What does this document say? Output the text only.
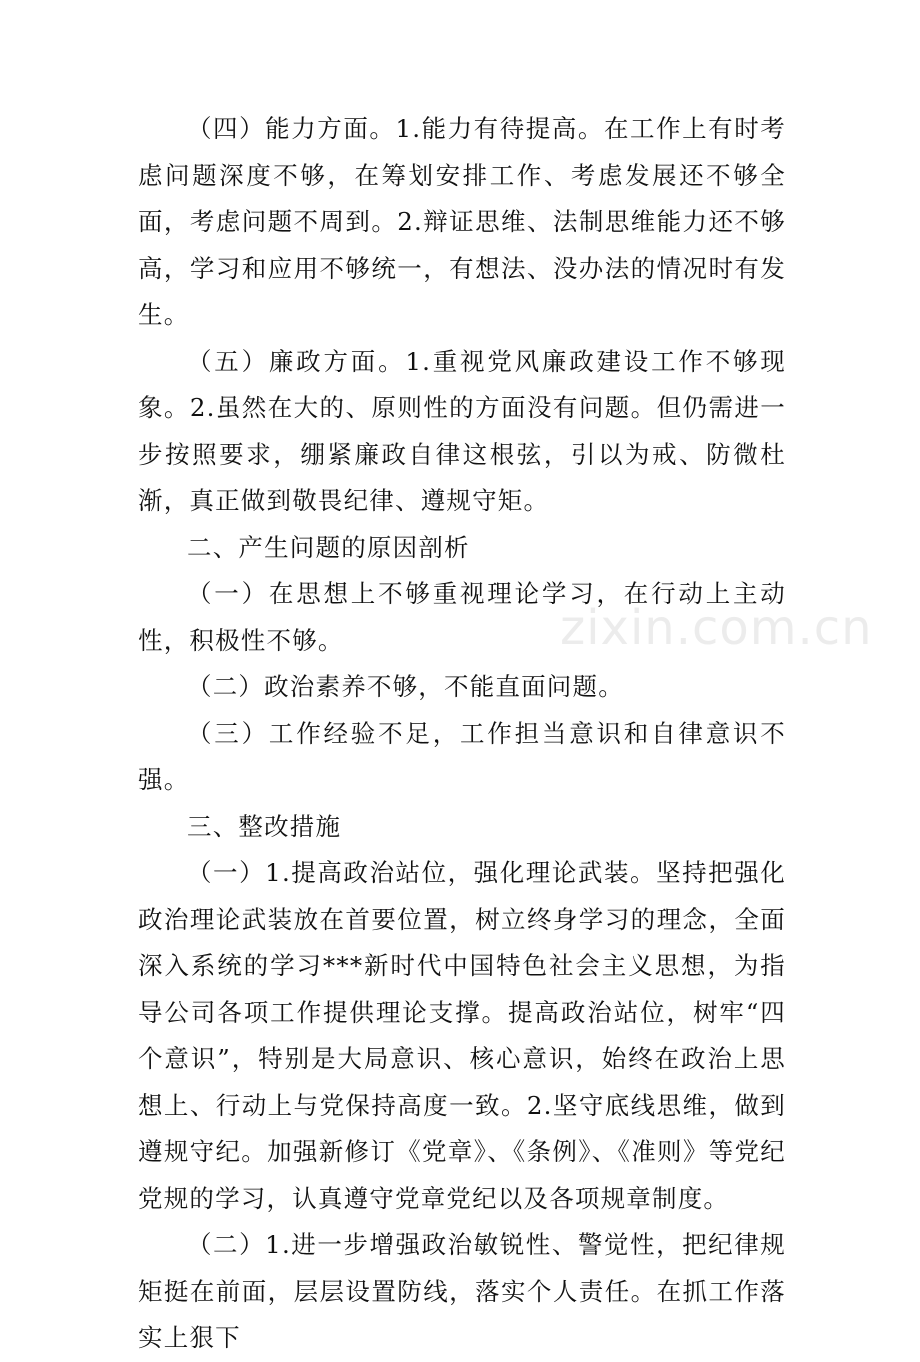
（四）能力方面。1.能力有待提高。在工作上有时考虑问题深度不够，在筹划安排工作、考虑发展还不够全面，考虑问题不周到。2.辩证思维、法制思维能力还不够高，学习和应用不够统一，有想法、没办法的情况时有发生。

（五）廉政方面。1.重视党风廉政建设工作不够现象。2.虽然在大的、原则性的方面没有问题。但仍需进一步按照要求，绷紧廉政自律这根弦，引以为戒、防微杜渐，真正做到敬畏纪律、遵规守矩。

二、产生问题的原因剖析

（一）在思想上不够重视理论学习，在行动上主动性，积极性不够。

（二）政治素养不够，不能直面问题。

（三）工作经验不足，工作担当意识和自律意识不强。

三、整改措施

（一）1.提高政治站位，强化理论武装。坚持把强化政治理论武装放在首要位置，树立终身学习的理念，全面深入系统的学习***新时代中国特色社会主义思想，为指导公司各项工作提供理论支撑。提高政治站位，树牢“四个意识”，特别是大局意识、核心意识，始终在政治上思想上、行动上与党保持高度一致。2.坚守底线思维，做到遵规守纪。加强新修订《党章》、《条例》、《准则》等党纪党规的学习，认真遵守党章党纪以及各项规章制度。

（二）1.进一步增强政治敏锐性、警觉性，把纪律规矩挺在前面，层层设置防线，落实个人责任。在抓工作落实上狠下

zixin.com.cn
